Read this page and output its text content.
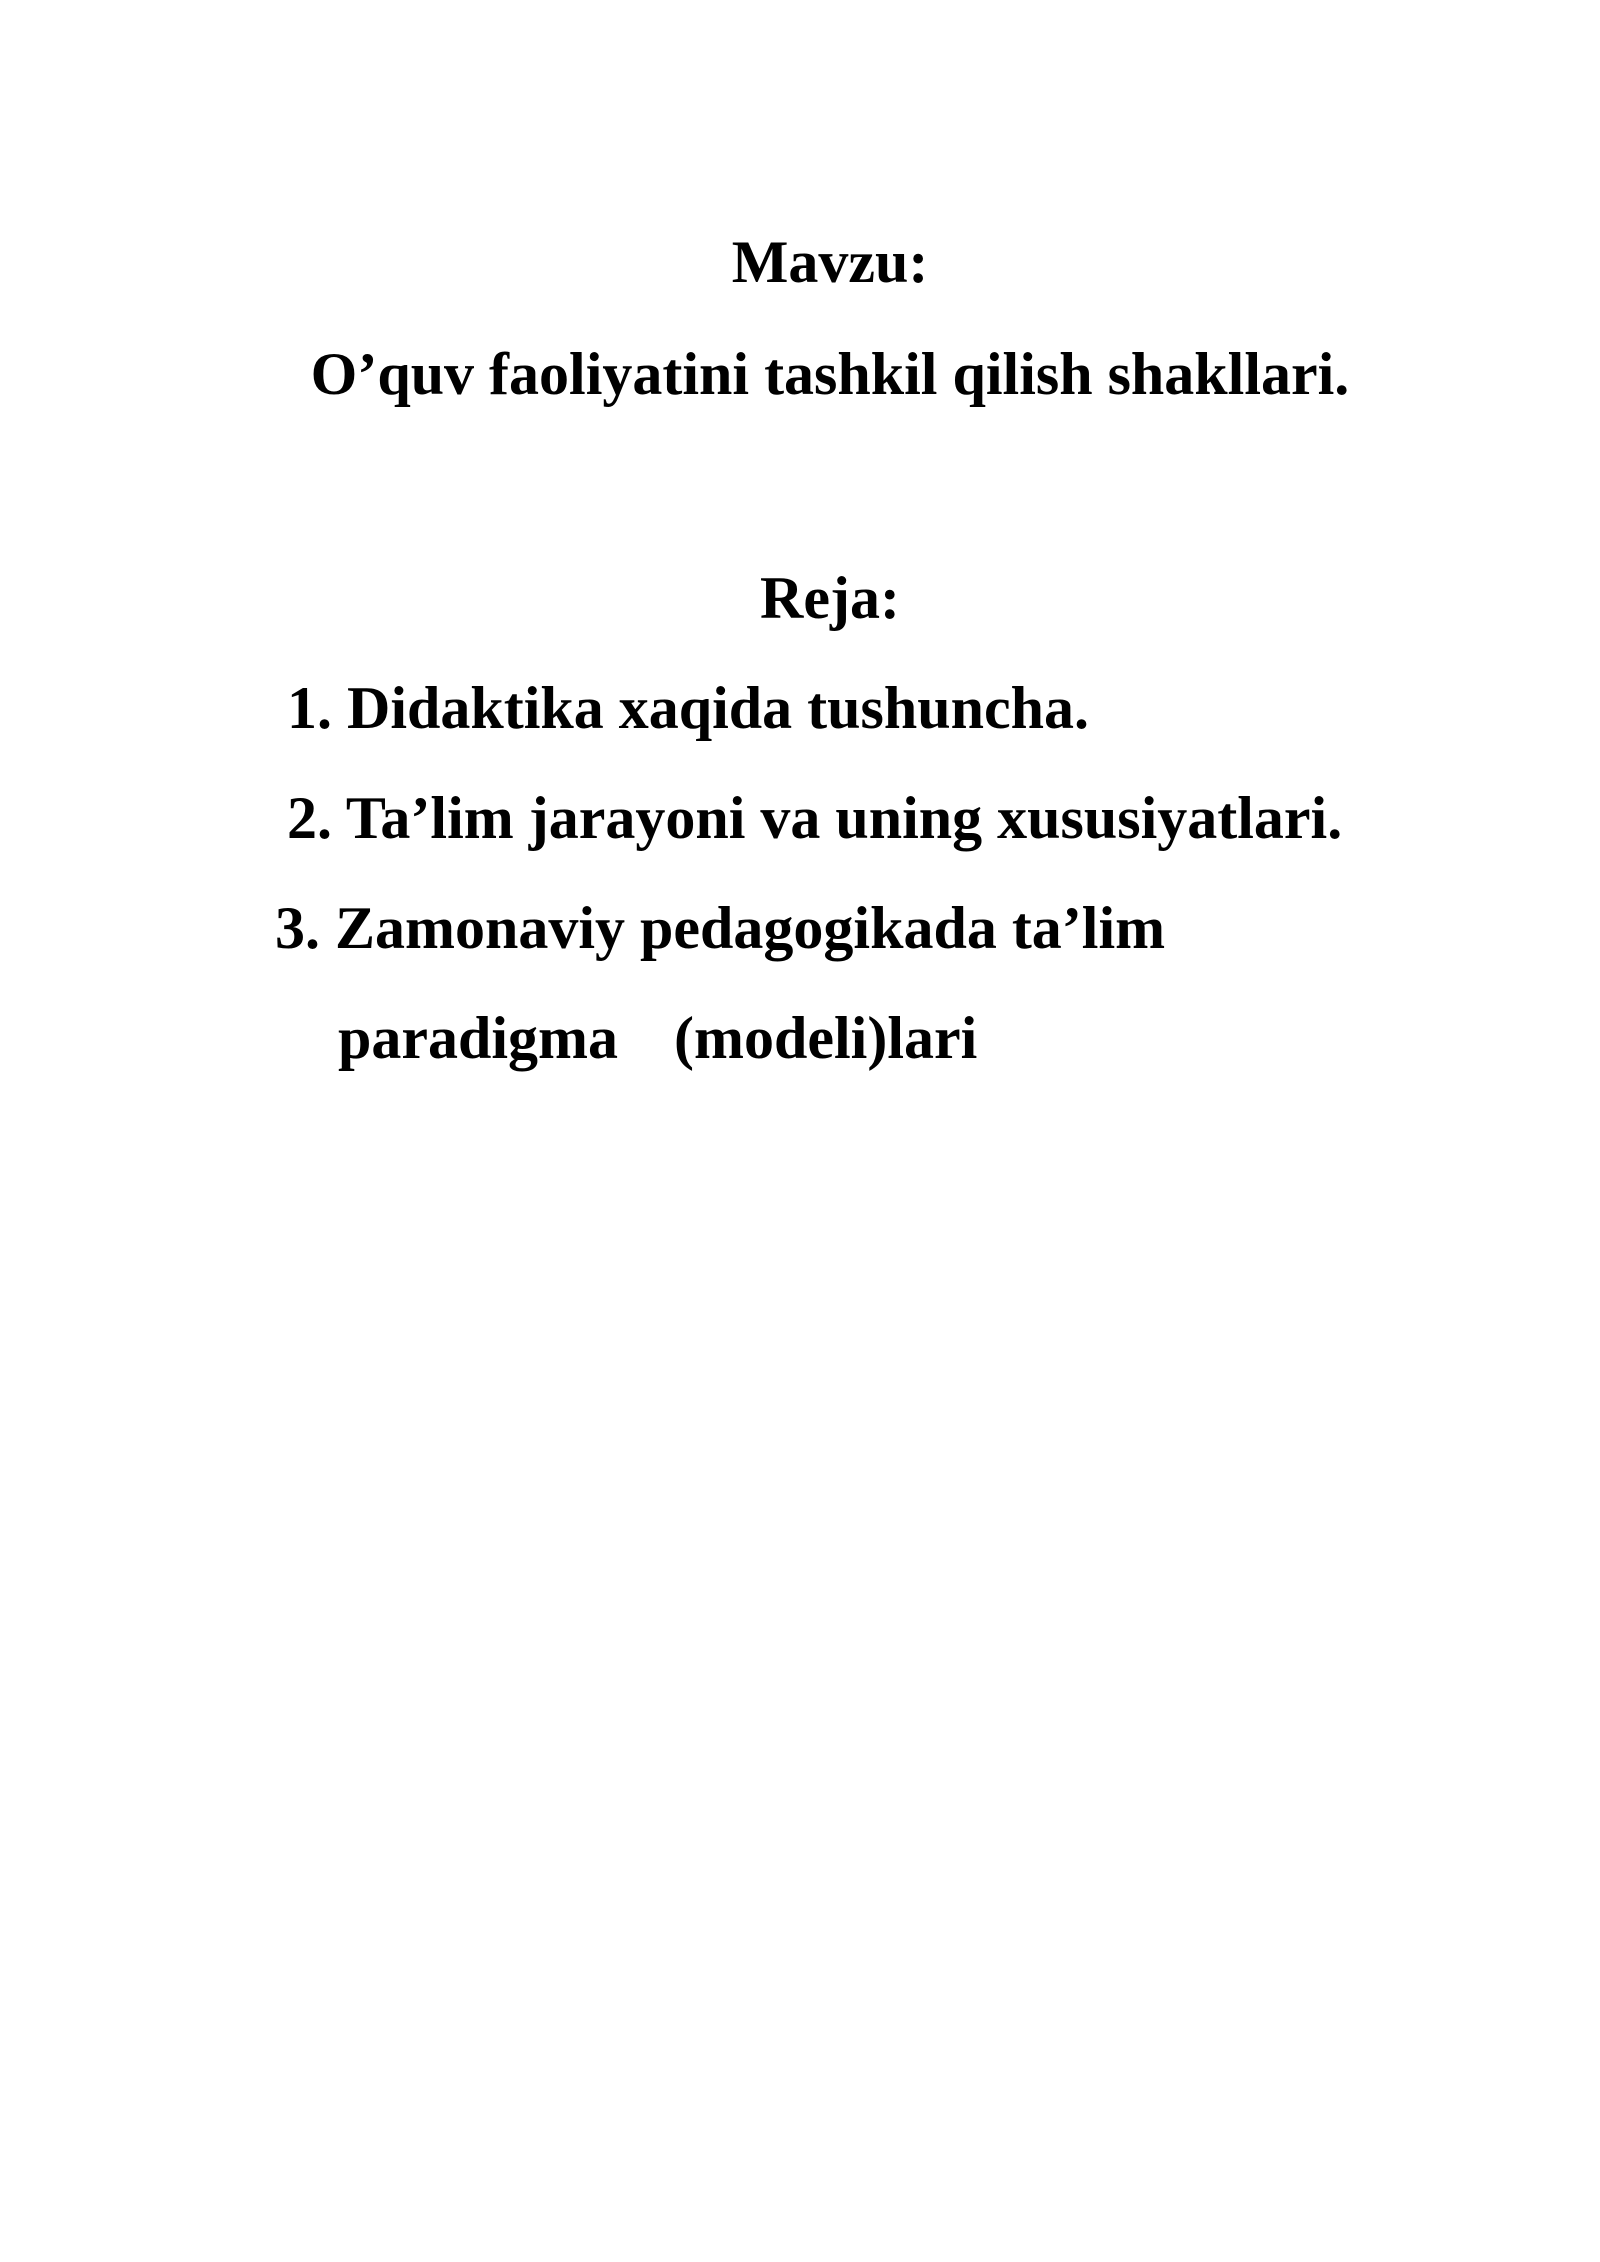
Mavzu:
O’quv faoliyatini tashkil qilish shakllari.
Reja:

1. Didaktika xaqida tushuncha.

2. Ta’lim jarayoni va uning xususiyatlari.

3. Zamonaviy pedagogikada ta’lim

paradigma (modeli)lari
